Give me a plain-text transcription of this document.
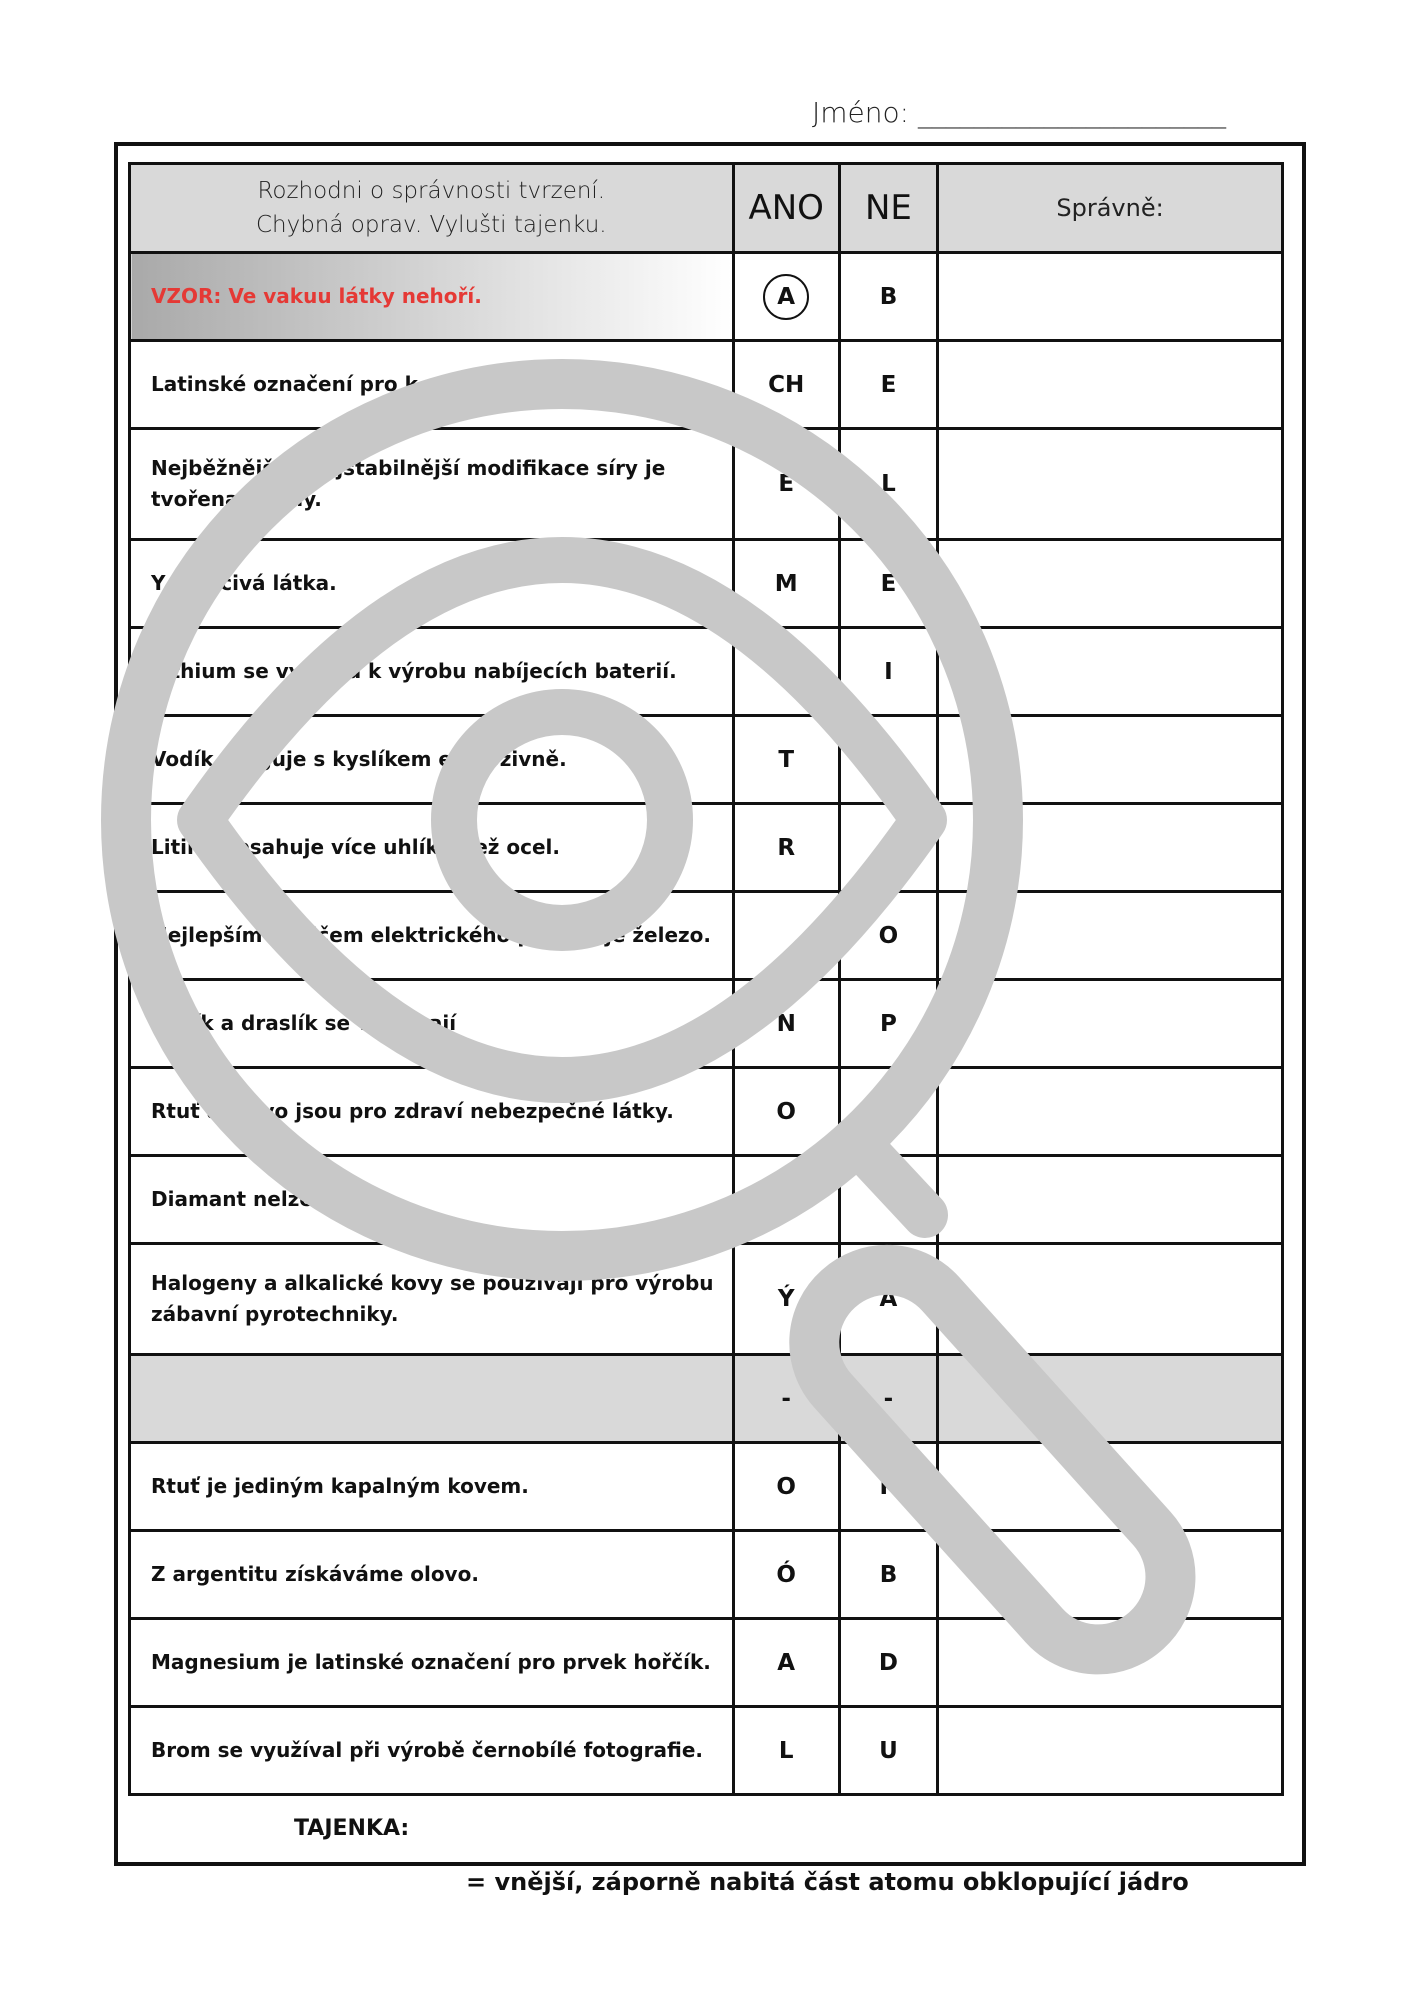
Jméno: ______________________
Rozhodni o správnosti tvrzení.
Chybná oprav. Vylušti tajenku.	ANO	NE	Správně:
VZOR: Ve vakuu látky nehoří.	A	B	
Latinské označení pro k	CH	E	
Nejběžnější a nejstabilnější modifikace síry je tvořena atomy.	E	L	
Y je léčivá látka.	M	E	
Lithium se využívá k výrobu nabíjecích baterií.		I	
Vodík reaguje s kyslíkem explozivně.	T	C	
Litina obsahuje více uhlíku než ocel.	R		
Nejlepším vodičem elektrického proudu je železo.		O	
Sodík a draslík se využívají	N	P	
Rtuť a olovo jsou pro zdraví nebezpečné látky.	O		
Diamant nelze			
Halogeny a alkalické kovy se používají pro výrobu zábavní pyrotechniky.	Ý	A	
	-	-	
Rtuť je jediným kapalným kovem.	O	K	
Z argentitu získáváme olovo.	Ó	B	
Magnesium je latinské označení pro prvek hořčík.	A	D	
Brom se využíval při výrobě černobílé fotografie.	L	U	
TAJENKA:
= vnější, záporně nabitá část atomu obklopující jádro
